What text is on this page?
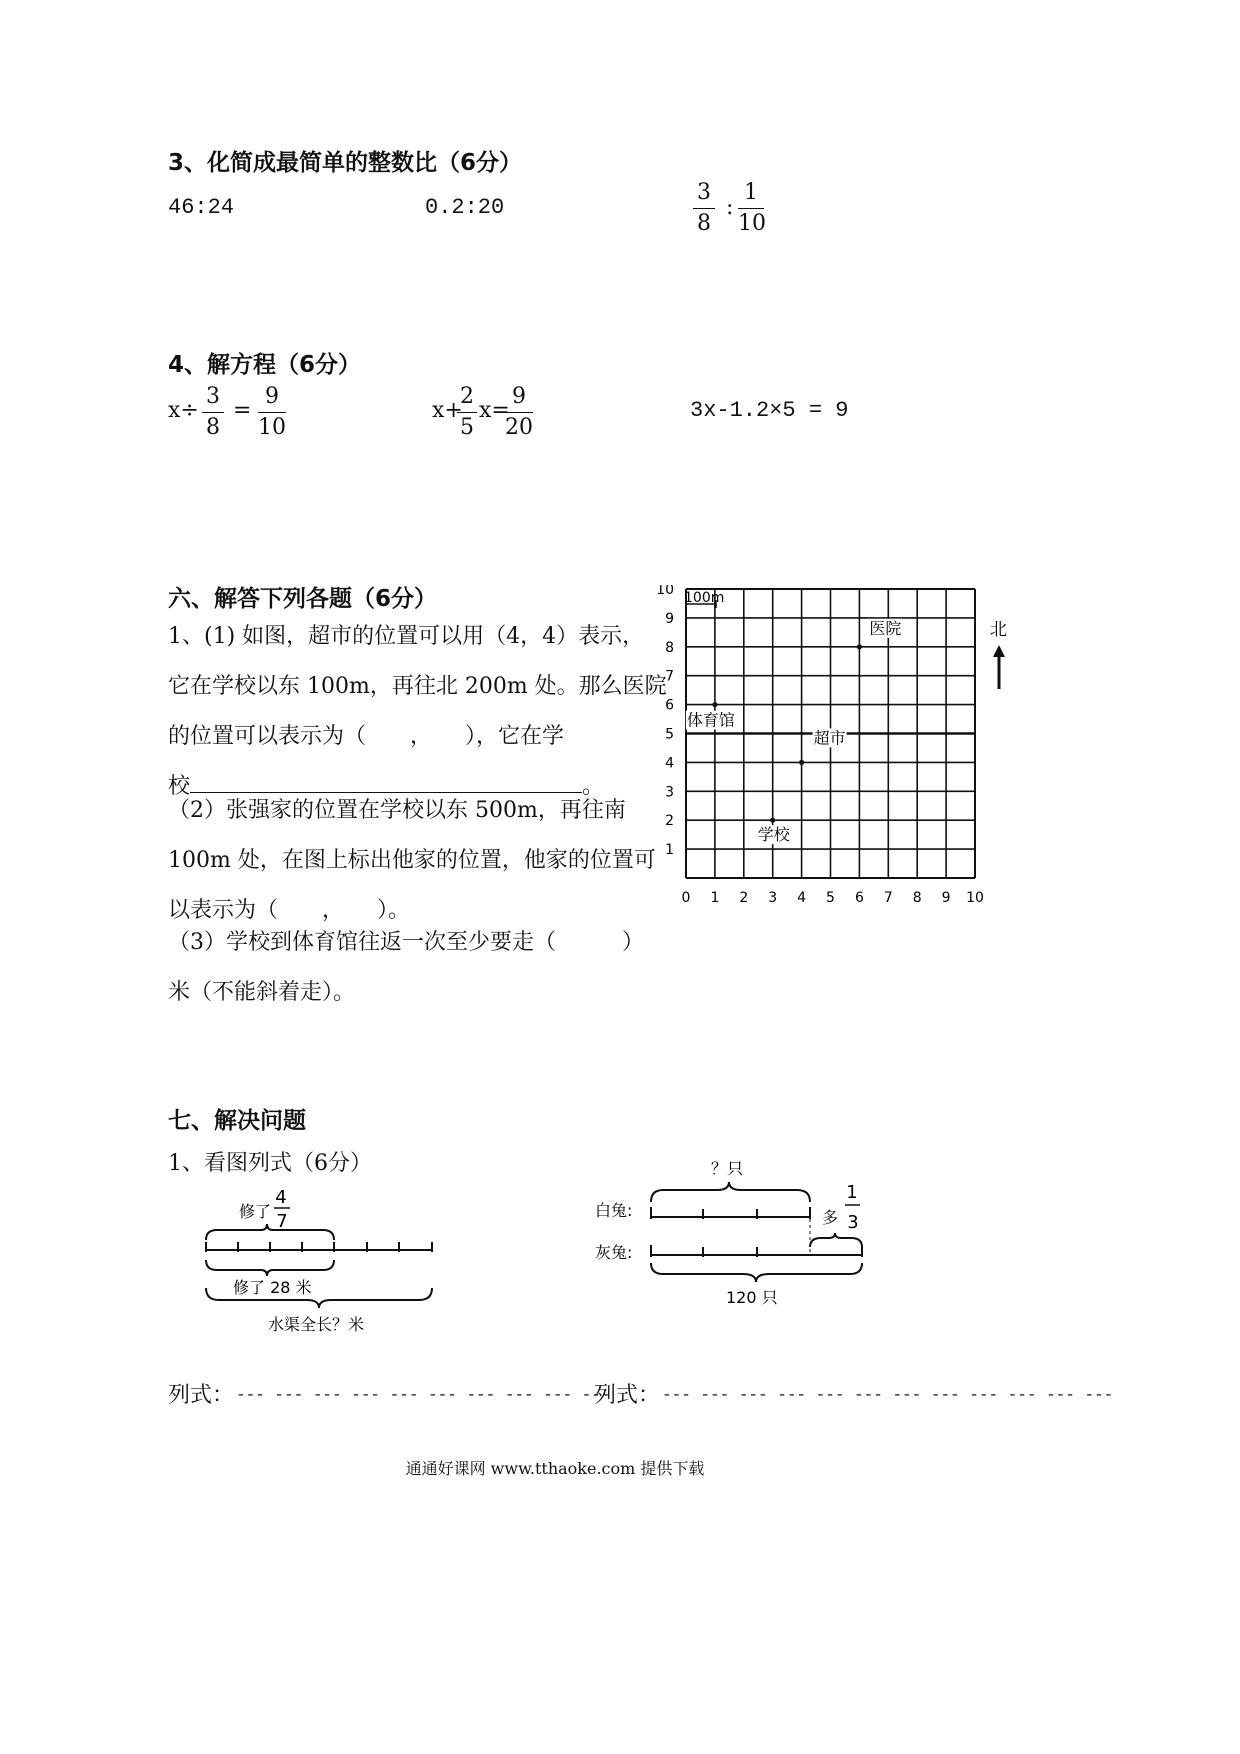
3、化简成最简单的整数比（6分）
46:24	0.2:20
3
8
:
1
10
4、解方程（6分）
x÷
3
8
=
9
10
x+
2
5
x=
9
20
3x-1.2×5 = 9
六、解答下列各题（6分）
1、(1) 如图，超市的位置可以用（4，4）表示，
它在学校以东 100m，再往北 200m 处。那么医院
的位置可以表示为（　　，　　），它在学
校	。
（2）张强家的位置在学校以东 500m，再往南
100m 处，在图上标出他家的位置，他家的位置可
以表示为（　　，　　）。
（3）学校到体育馆往返一次至少要走（　　　）
米（不能斜着走）。
0 1 2 3 4 5 6 7 8 9 10
1
2
3
4
5
6
7
8
9
10
医院
体育馆
超市
学校
100m
北
七、解决问题
1、看图列式（6分）
修了
4
7
修了 28 米
水渠全长？米
？只
白兔:	多
1
3
灰兔:
120 只
列式： --- --- --- --- --- --- --- --- --- ---
列式： --- --- --- --- --- --- --- --- --- --- --- ---
通通好课网 www.tthaoke.com 提供下载
